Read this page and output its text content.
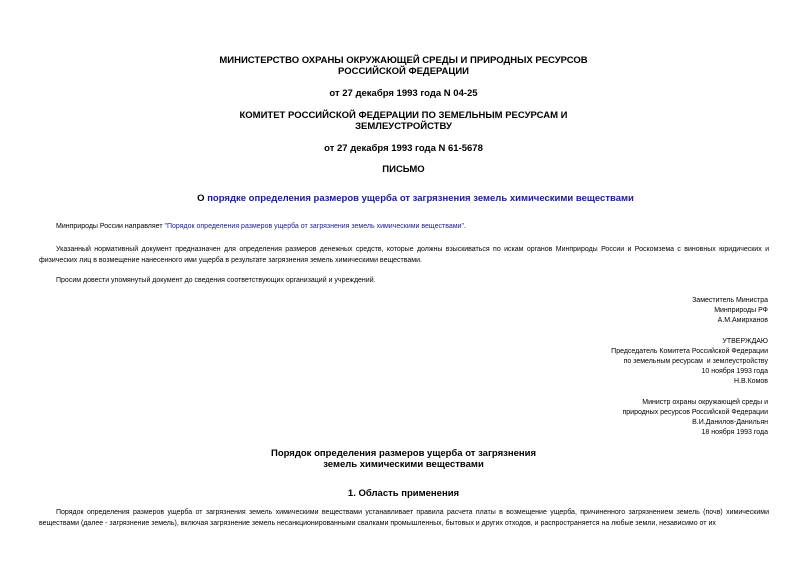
МИНИСТЕРСТВО ОХРАНЫ ОКРУЖАЮЩЕЙ СРЕДЫ И ПРИРОДНЫХ РЕСУРСОВ
РОССИЙСКОЙ ФЕДЕРАЦИИ
от 27 декабря 1993 года N 04-25
КОМИТЕТ РОССИЙСКОЙ ФЕДЕРАЦИИ ПО ЗЕМЕЛЬНЫМ РЕСУРСАМ И
ЗЕМЛЕУСТРОЙСТВУ
от 27 декабря 1993 года N 61-5678
ПИСЬМО
О порядке определения размеров ущерба от загрязнения земель химическими веществами
Минприроды России направляет "Порядок определения размеров ущерба от загрязнения земель химическими веществами".
Указанный нормативный документ предназначен для определения размеров денежных средств, которые должны взыскиваться по искам органов Минприроды России и Роскомзема с виновных юридических и физических лиц в возмещение нанесенного ими ущерба в результате загрязнения земель химическими веществами.
Просим довести упомянутый документ до сведения соответствующих организаций и учреждений.
Заместитель Министра
Минприроды РФ
А.М.Амирханов
УТВЕРЖДАЮ
Председатель Комитета Российской Федерации
по земельным ресурсам  и землеустройству
10 ноября 1993 года
Н.В.Комов
Министр охраны окружающей среды и
природных ресурсов Российской Федерации
В.И.Данилов-Данильян
18 ноября 1993 года
Порядок определения размеров ущерба от загрязнения
земель химическими веществами
1. Область применения
Порядок определения размеров ущерба от загрязнения земель химическими веществами устанавливает правила расчета платы в возмещение ущерба, причиненного загрязнением земель (почв) химическими веществами (далее - загрязнение земель), включая загрязнение земель несанкционированными свалками промышленных, бытовых и других отходов, и распространяется на любые земли, независимо от их
